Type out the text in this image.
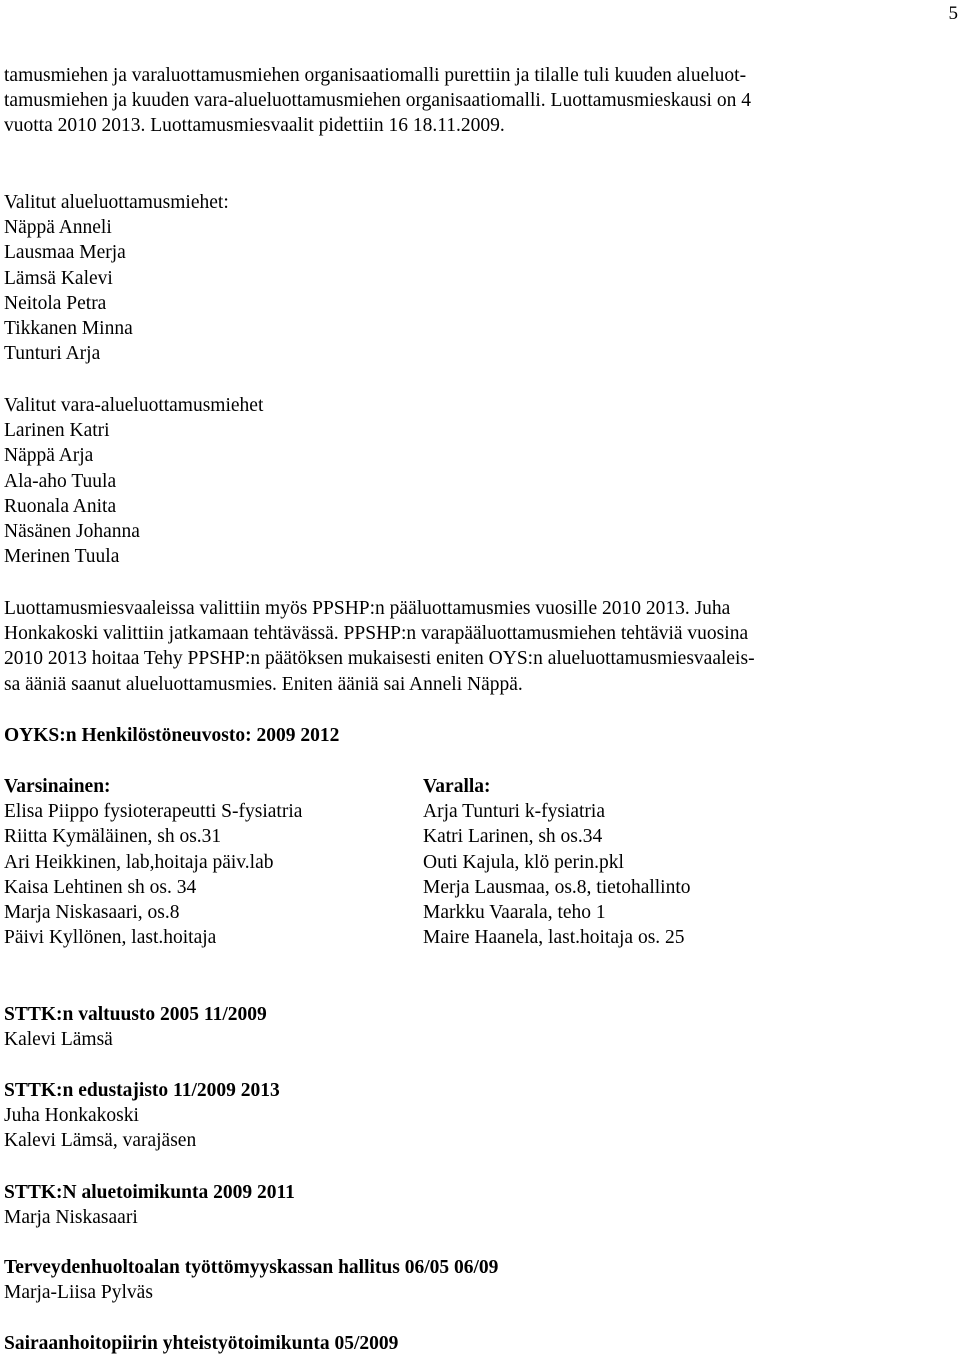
5
tamusmiehen ja varaluottamusmiehen organisaatiomalli purettiin ja tilalle tuli kuuden alueluot-
tamusmiehen ja kuuden vara-alueluottamusmiehen organisaatiomalli. Luottamusmieskausi on 4
vuotta 2010 2013. Luottamusmiesvaalit pidettiin 16 18.11.2009.
Valitut alueluottamusmiehet:
Näppä Anneli
Lausmaa Merja
Lämsä Kalevi
Neitola Petra
Tikkanen Minna
Tunturi Arja
Valitut vara-alueluottamusmiehet
Larinen Katri
Näppä Arja
Ala-aho Tuula
Ruonala Anita
Näsänen Johanna
Merinen Tuula
Luottamusmiesvaaleissa valittiin myös PPSHP:n pääluottamusmies vuosille 2010 2013. Juha
Honkakoski valittiin jatkamaan tehtävässä. PPSHP:n varapääluottamusmiehen tehtäviä vuosina
2010 2013 hoitaa Tehy PPSHP:n päätöksen mukaisesti eniten OYS:n alueluottamusmiesvaaleis-
sa ääniä saanut alueluottamusmies. Eniten ääniä sai Anneli Näppä.
OYKS:n Henkilöstöneuvosto: 2009 2012
Varsinainen:
Elisa Piippo fysioterapeutti S-fysiatria
Riitta Kymäläinen, sh os.31
Ari Heikkinen, lab,hoitaja päiv.lab
Kaisa Lehtinen sh os. 34
Marja Niskasaari, os.8
Päivi Kyllönen, last.hoitaja
Varalla:
Arja Tunturi k-fysiatria
Katri Larinen, sh os.34
Outi Kajula, klö perin.pkl
Merja Lausmaa, os.8, tietohallinto
Markku Vaarala, teho 1
Maire Haanela, last.hoitaja os. 25
STTK:n valtuusto 2005 11/2009
Kalevi Lämsä
STTK:n edustajisto 11/2009 2013
Juha Honkakoski
Kalevi Lämsä, varajäsen
STTK:N aluetoimikunta 2009 2011
Marja Niskasaari
Terveydenhuoltoalan työttömyyskassan hallitus 06/05 06/09
Marja-Liisa Pylväs
Sairaanhoitopiirin yhteistyötoimikunta 05/2009
